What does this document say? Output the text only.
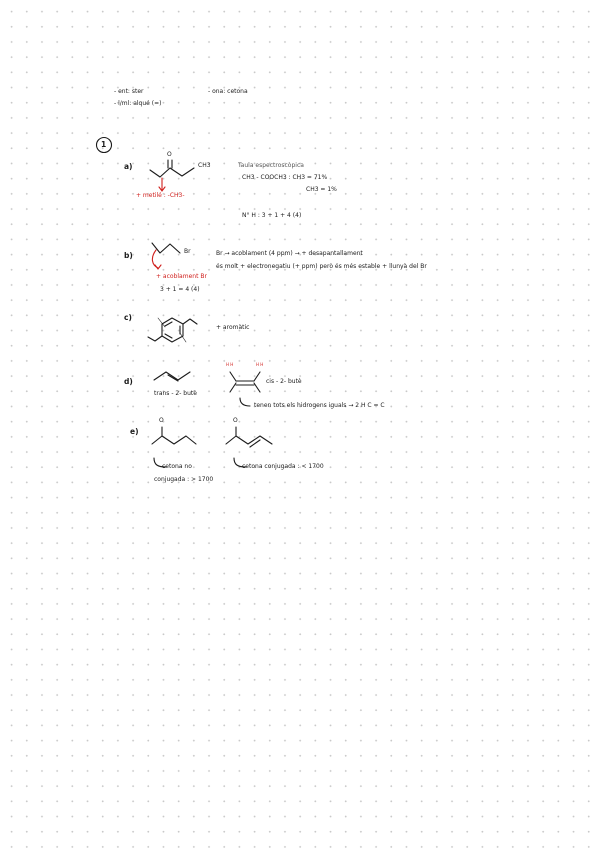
- ent: ster	- ona: cetona
- l/ml: alqué (=)
1
a)
O
CH3
+ metilé : -CH3-
Taula espectroscòpica
CH3 - COOCH3 : CH3 = 71%
CH3 = 1%
N° H : 3 + 1 + 4 (4)
b)	Br
+ acoblament Br
3 + 1 = 4 (4)
Br → acoblament (4 ppm) → + desapantallament
és molt + electronegatiu (+ ppm) però és més estable + llunyà del Br
c)
+ aromàtic
d)
H H	H H
trans - 2- butè
cis - 2- butè
tenen tots els hidrogens iguals → 2 H C = C
e)
O	O
cetona no
conjugada : > 1700
cetona conjugada : < 1700
